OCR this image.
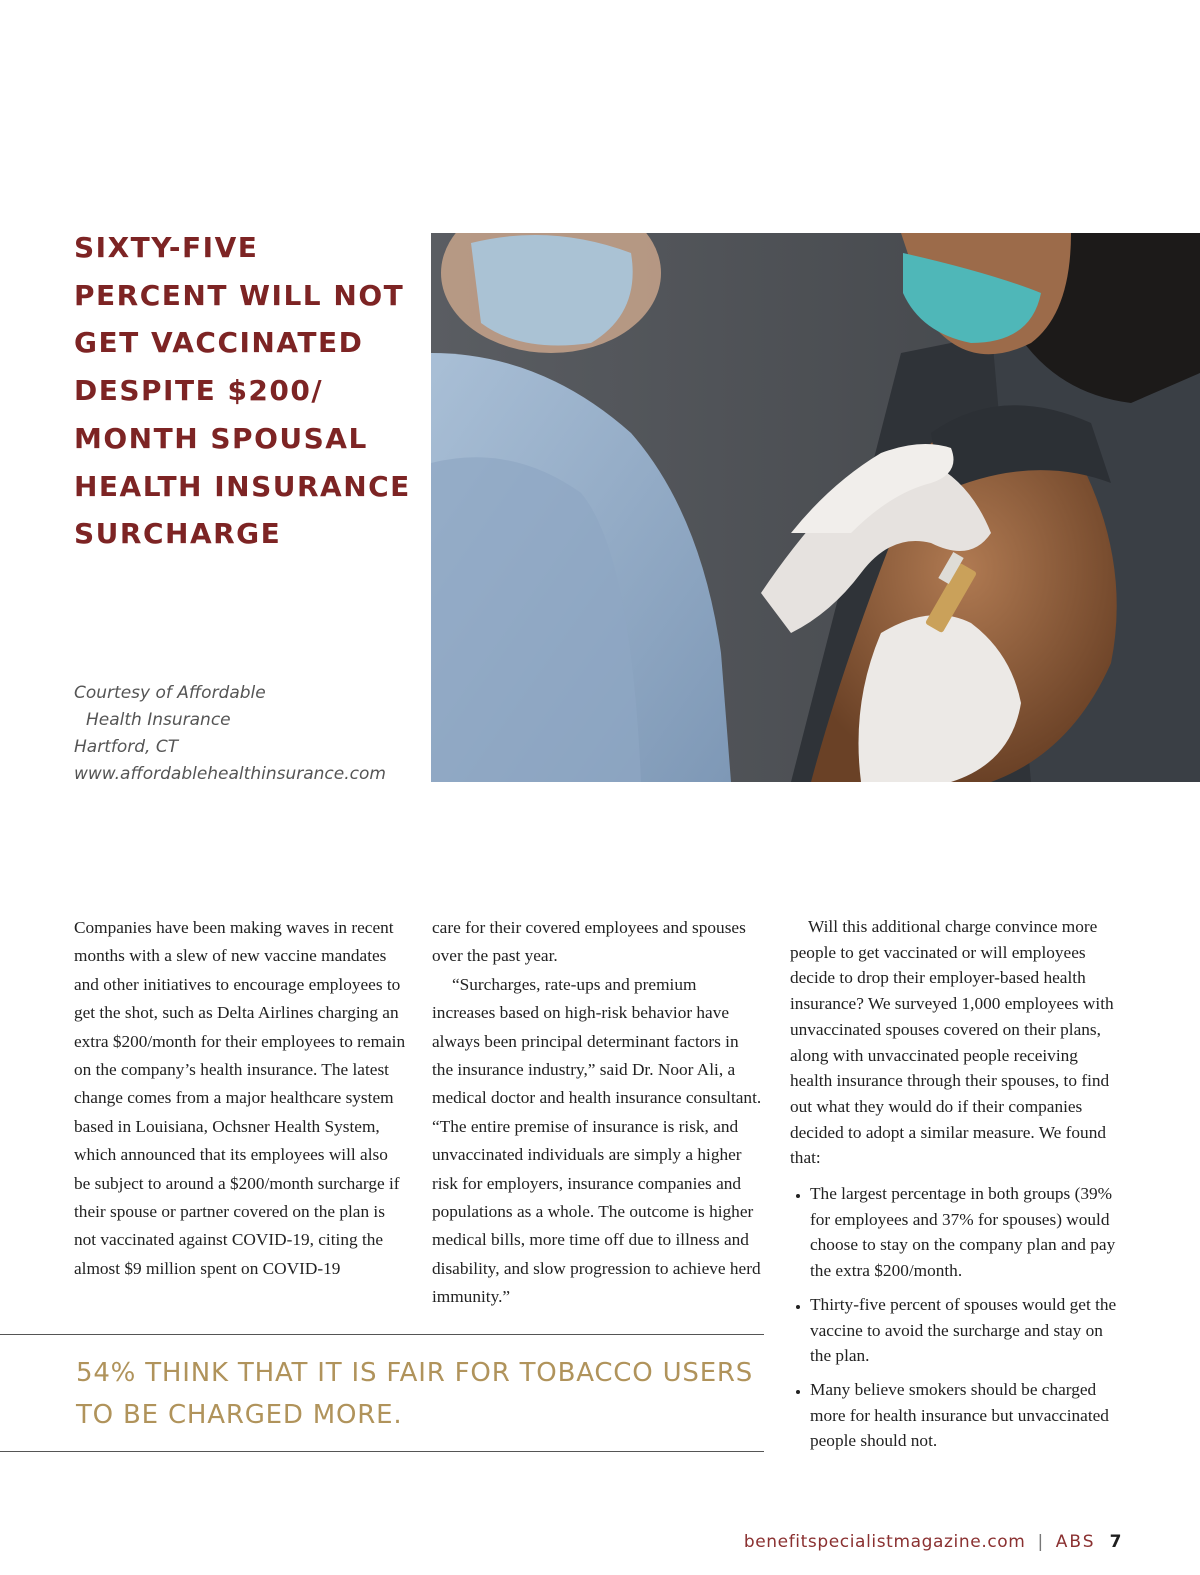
SIXTY-FIVE PERCENT WILL NOT GET VACCINATED DESPITE $200/ MONTH SPOUSAL HEALTH INSURANCE SURCHARGE
Courtesy of Affordable
Health Insurance
Hartford, CT
www.affordablehealthinsurance.com

Companies have been making waves in recent months with a slew of new vaccine mandates and other initiatives to encourage employees to get the shot, such as Delta Airlines charging an extra $200/month for their employees to remain on the company’s health insurance. The latest change comes from a major healthcare system based in Louisiana, Ochsner Health System, which announced that its employees will also be subject to around a $200/month surcharge if their spouse or partner covered on the plan is not vaccinated against COVID-19, citing the almost $9 million spent on COVID-19

care for their covered employees and spouses over the past year.

“Surcharges, rate-ups and premium increases based on high-risk behavior have always been principal determinant factors in the insurance industry,” said Dr. Noor Ali, a medical doctor and health insurance consultant. “The entire premise of insurance is risk, and unvaccinated individuals are simply a higher risk for employers, insurance companies and populations as a whole. The outcome is higher medical bills, more time off due to illness and disability, and slow progression to achieve herd immunity.”

Will this additional charge convince more people to get vaccinated or will employees decide to drop their employer-based health insurance? We surveyed 1,000 employees with unvaccinated spouses covered on their plans, along with unvaccinated people receiving health insurance through their spouses, to find out what they would do if their companies decided to adopt a similar measure. We found that:

• The largest percentage in both groups (39% for employees and 37% for spouses) would choose to stay on the company plan and pay the extra $200/month.
• Thirty-five percent of spouses would get the vaccine to avoid the surcharge and stay on the plan.
• Many believe smokers should be charged more for health insurance but unvaccinated people should not.

54% THINK THAT IT IS FAIR FOR TOBACCO USERS TO BE CHARGED MORE.

benefitspecialistmagazine.com | ABS 7
